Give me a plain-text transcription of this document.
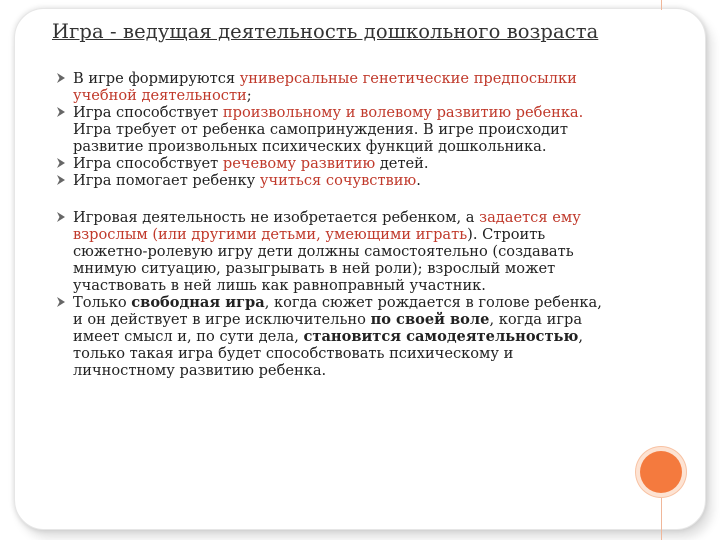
Игра - ведущая деятельность дошкольного возраста
В игре формируются универсальные генетические предпосылки учебной деятельности;
Игра способствует произвольному и волевому развитию ребенка. Игра требует от ребенка самопринуждения. В игре происходит развитие произвольных психических функций дошкольника.
Игра способствует речевому развитию детей.
Игра помогает ребенку учиться сочувствию.
Игровая деятельность не изобретается ребенком, а задается ему взрослым (или другими детьми, умеющими играть). Строить сюжетно-ролевую игру дети должны самостоятельно (создавать мнимую ситуацию, разыгрывать в ней роли); взрослый может участвовать в ней лишь как равноправный участник.
Только свободная игра, когда сюжет рождается в голове ребенка, и он действует в игре исключительно по своей воле, когда игра имеет смысл и, по сути дела, становится самодеятельностью, только такая игра будет способствовать психическому и личностному развитию ребенка.
